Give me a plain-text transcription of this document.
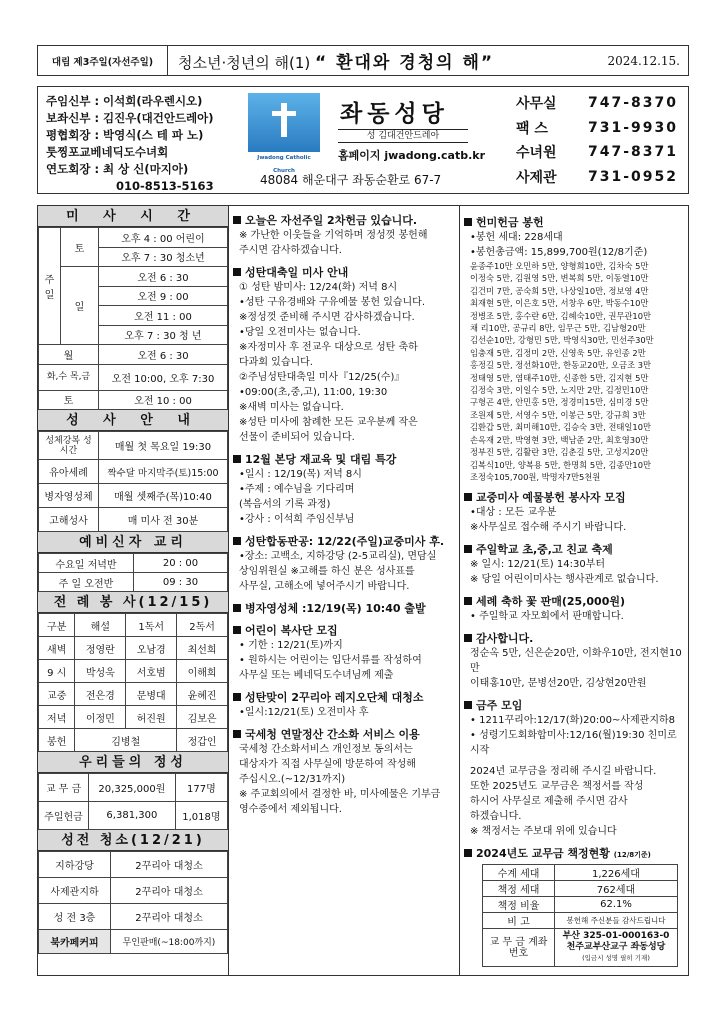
대림 제3주일(자선주일)	청소년·청년의 해(1) “ 환대와 경청의 해”	2024.12.15.
주임신부 : 이석희(라우렌시오)
보좌신부 : 김진우(대건안드레아)
평협회장 : 박영식(스 테 파 노)
툿찡포교베네딕도수녀회
연도회장 : 최 상 신(마지아)
010-8513-5163
Jwadong Catholic Church
좌동성당
성 김대건안드레아
홈페이지 jwadong.catb.kr
48084 해운대구 좌동순환로 67-7
사무실	747-8370
팩 스	731-9930
수녀원	747-8371
사제관	731-0952
미 사 시 간
주 일	토	오후 4 : 00 어린이
		오후 7 : 30 청소년
	일	오전 6 : 30
		오전 9 : 00
		오전 11 : 00
		오후 7 : 30 청 년
월		오전 6 : 30
화,수 목,금		오전 10:00, 오후 7:30
토		오전 10 : 00
성 사 안 내
성체강복 성시간	매월 첫 목요일 19:30
유아세례	짝수달 마지막주(토)15:00
병자영성체	매월 셋째주(목)10:40
고해성사	매 미사 전 30분
예비신자 교리
수요일 저녁반	20 : 00
주 일 오전반	09 : 30
전 례 봉 사(12/15)
구분	해설	1독서	2독서
새벽	정영란	오남경	최선희
9 시	박성욱	서호범	이해희
교중	전은경	문병대	윤혜진
저녁	이정민	허진원	김보은
봉헌	김병철		정갑인
우리들의 정성
교 무 금	20,325,000원	177명
주일헌금	6,381,300	1,018명
성전 청소(12/21)
지하강당	2꾸리아 대청소
사제관지하	2꾸리아 대청소
성 전 3층	2꾸리아 대청소
북카페커피	무인판매(~18:00까지)
오늘은 자선주일 2차헌금 있습니다.
※ 가난한 이웃들을 기억하며 정성껏 봉헌해
주시면 감사하겠습니다.
성탄대축일 미사 안내
① 성탄 밤미사: 12/24(화) 저녁 8시
•성탄 구유경배와 구유예물 봉헌 있습니다.
※정성껏 준비해 주시면 감사하겠습니다.
•당일 오전미사는 없습니다.
※자정미사 후 전교우 대상으로 성탄 축하
다과회 있습니다.
②주님성탄대축일 미사『12/25(수)』
•09:00(초,중,고), 11:00, 19:30
※새벽 미사는 없습니다.
※성탄 미사에 참례한 모든 교우분께 작은
선물이 준비되어 있습니다.
12월 본당 재교육 및 대림 특강
•일시 : 12/19(목) 저녁 8시
•주제 : 예수님을 기다리며
(복음서의 기록 과정)
•강사 : 이석희 주임신부님
성탄합동판공: 12/22(주일)교중미사 후.
•장소: 고백소, 지하강당 (2-5교리실), 면담실
상임위원실 ※고해를 하신 분은 성사표를
사무실, 고해소에 넣어주시기 바랍니다.
병자영성체 :12/19(목) 10:40 출발
어린이 복사단 모집
• 기한 : 12/21(토)까지
• 원하시는 어린이는 입단서류를 작성하여
사무실 또는 베네딕도수녀님께 제출
성탄맞이 2꾸리아 레지오단체 대청소
•일시:12/21(토) 오전미사 후
국세청 연말정산 간소화 서비스 이용
국세청 간소화서비스 개인정보 동의서는
대상자가 직접 사무실에 방문하여 작성해
주십시오.(~12/31까지)
※ 주교회의에서 결정한 바, 미사예물은 기부금
영수증에서 제외됩니다.
헌미헌금 봉헌
•봉헌 세대: 228세대
•봉헌총금액: 15,899,700원(12/8기준)
윤종주10만 오민하 5만, 양형희10만, 김차숙 5만
이정숙 5만, 김원영 5만, 변복희 5만, 이동열10만
김건미 7만, 공숙희 5만, 나상일10만, 정보영 4만
최재현 5만, 이은호 5만, 서창우 6만, 박동수10만
정병조 5만, 홍수란 6만, 김혜숙10만, 권무관10만
채 리10만, 공규리 8만, 임무근 5만, 김남형20만
김선순10만, 강형민 5만, 박영식30만, 민선주30만
임충재 5만, 김정미 2만, 신영욱 5만, 유인종 2만
홍정길 5만, 정선화10만, 한동교20만, 오금조 3만
정태영 5만, 염태주10만, 신종한 5만, 김지현 5만
김정숙 3만, 이일수 5만, 노지만 2만, 김정민10만
구형곤 4만, 안민홍 5만, 정경미15만, 심미경 5만
조원제 5만, 서영수 5만, 이봉근 5만, 강규희 3만
김환갑 5만, 최미해10만, 김승숙 3만, 전태일10만
손옥재 2만, 박영현 3만, 백남준 2만, 최호영30만
정부진 5만, 김활란 3만, 김춘길 5만, 고성지20만
김복식10만, 양복용 5만, 한명희 5만, 김종만10만
조정숙105,700원, 박명자7만5천원
교중미사 예물봉헌 봉사자 모집
•대상 : 모든 교우분
※사무실로 접수해 주시기 바랍니다.
주일학교 초,중,고 친교 축제
※ 일시: 12/21(토) 14:30부터
※ 당일 어린이미사는 행사관계로 없습니다.
세례 축하 꽃 판매(25,000원)
• 주일학교 자모회에서 판매합니다.
감사합니다.
정순옥 5만, 신은순20만, 이화우10만, 전지현10만
이태홍10만, 문병선20만, 김상현20만원
금주 모임
• 1211꾸리아:12/17(화)20:00~사제관지하8
• 성령기도회화합미사:12/16(월)19:30 친미로 시작
2024년 교무금을 정리해 주시길 바랍니다.
또한 2025년도 교무금은 책정서를 작성
하시어 사무실로 제출해 주시면 감사
하겠습니다.
※ 책정서는 주보대 위에 있습니다
2024년도 교무금 책정현황 (12/8기준)
수계 세대	1,226세대
책정 세대	762세대
책정 비율	62.1%
비 고	봉헌해 주신분들 감사드립니다
교 무 금 계좌번호	부산 325-01-000163-0
천주교부산교구 좌동성당
(입금시 성명 필히 기재)
